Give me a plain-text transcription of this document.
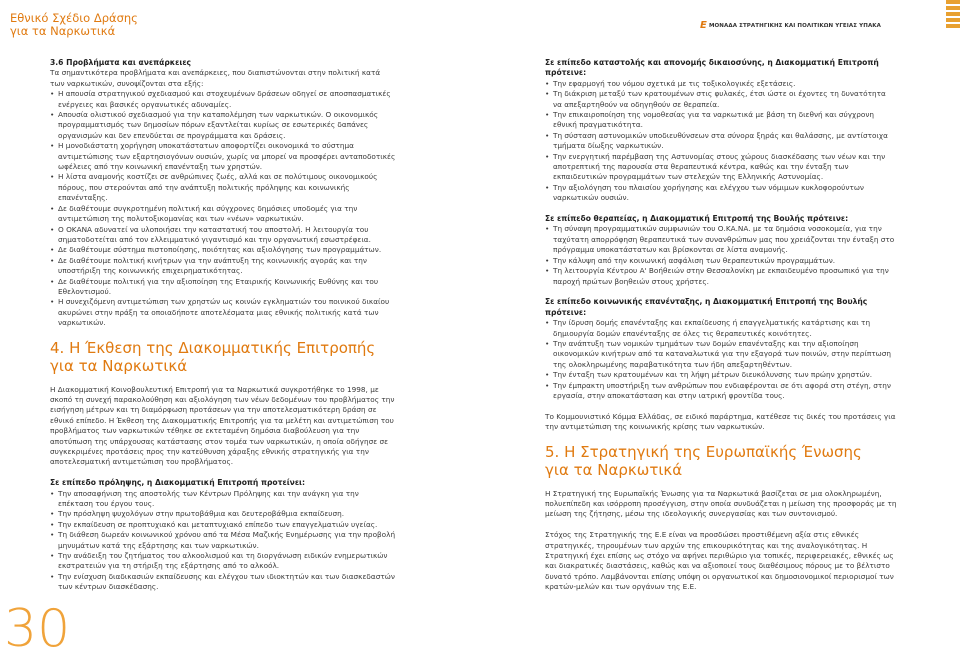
Εθνικό Σχέδιο Δράσης
για τα Ναρκωτικά	Ε ΜΟΝΑΔΑ ΣΤΡΑΤΗΓΙΚΗΣ ΚΑΙ ΠΟΛΙΤΙΚΩΝ ΥΓΕΙΑΣ ΥΠΑΚΑ
3.6 Προβλήματα και ανεπάρκειες

Τα σημαντικότερα προβλήματα και ανεπάρκειες, που διαπιστώνονται στην πολιτική κατά των ναρκωτικών, συνοψίζονται στα εξής:

• Η απουσία στρατηγικού σχεδιασμού και στοχευμένων δράσεων οδηγεί σε αποσπασματικές ενέργειες και βασικές οργανωτικές αδυναμίες.
• Απουσία ολιστικού σχεδιασμού για την καταπολέμηση των ναρκωτικών. Ο οικονομικός προγραμματισμός των δημοσίων πόρων εξαντλείται κυρίως σε εσωτερικές δαπάνες οργανισμών και δεν επενδύεται σε προγράμματα και δράσεις.
• Η μονοδιάστατη χορήγηση υποκατάστατων αποφορτίζει οικονομικά το σύστημα αντιμετώπισης των εξαρτησιογόνων ουσιών, χωρίς να μπορεί να προσφέρει ανταποδοτικές ωφέλειες από την κοινωνική επανένταξη των χρηστών.
• Η λίστα αναμονής κοστίζει σε ανθρώπινες ζωές, αλλά και σε πολύτιμους οικονομικούς πόρους, που στερούνται από την ανάπτυξη πολιτικής πρόληψης και κοινωνικής επανένταξης.
• Δε διαθέτουμε συγκροτημένη πολιτική και σύγχρονες δημόσιες υποδομές για την αντιμετώπιση της πολυτοξικομανίας και των «νέων» ναρκωτικών.
• Ο ΟΚΑΝΑ αδυνατεί να υλοποιήσει την καταστατική του αποστολή. Η λειτουργία του σηματοδοτείται από τον ελλειμματικό γιγαντισμό και την οργανωτική εσωστρέφεια.
• Δε διαθέτουμε σύστημα πιστοποίησης, ποιότητας και αξιολόγησης των προγραμμάτων.
• Δε διαθέτουμε πολιτική κινήτρων για την ανάπτυξη της κοινωνικής αγοράς και την υποστήριξη της κοινωνικής επιχειρηματικότητας.
• Δε διαθέτουμε πολιτική για την αξιοποίηση της Εταιρικής Κοινωνικής Ευθύνης και του Εθελοντισμού.
• Η συνεχιζόμενη αντιμετώπιση των χρηστών ως κοινών εγκληματιών του ποινικού δικαίου ακυρώνει στην πράξη τα οποιαδήποτε αποτελέσματα μιας εθνικής πολιτικής κατά των ναρκωτικών.
4. Η Έκθεση της Διακομματικής Επιτροπής
για τα Ναρκωτικά

Η Διακομματική Κοινοβουλευτική Επιτροπή για τα Ναρκωτικά συγκροτήθηκε το 1998, με σκοπό τη συνεχή παρακολούθηση και αξιολόγηση των νέων δεδομένων του προβλήματος την εισήγηση μέτρων και τη διαμόρφωση προτάσεων για την αποτελεσματικότερη δράση σε εθνικό επίπεδο. Η Έκθεση της Διακομματικής Επιτροπής για τα μελέτη και αντιμετώπιση του προβλήματος των ναρκωτικών τέθηκε σε εκτεταμένη δημόσια διαβούλευση για την αποτύπωση της υπάρχουσας κατάστασης στον τομέα των ναρκωτικών, η οποία οδήγησε σε συγκεκριμένες προτάσεις προς την κατεύθυνση χάραξης εθνικής στρατηγικής για την αποτελεσματική αντιμετώπιση του προβλήματος.

Σε επίπεδο πρόληψης, η Διακομματική Επιτροπή προτείνει:
• Την αποσαφήνιση της αποστολής των Κέντρων Πρόληψης και την ανάγκη για την επέκταση του έργου τους.
• Την πρόσληψη ψυχολόγων στην πρωτοβάθμια και δευτεροβάθμια εκπαίδευση.
• Την εκπαίδευση σε προπτυχιακό και μεταπτυχιακό επίπεδο των επαγγελματιών υγείας.
• Τη διάθεση δωρεάν κοινωνικού χρόνου από τα Μέσα Μαζικής Ενημέρωσης για την προβολή μηνυμάτων κατά της εξάρτησης και των ναρκωτικών.
• Την ανάδειξη του ζητήματος του αλκοολισμού και τη διοργάνωση ειδικών ενημερωτικών εκστρατειών για τη στήριξη της εξάρτησης από το αλκοόλ.
• Την ενίσχυση διαδικασιών εκπαίδευσης και ελέγχου των ιδιοκτητών και των διασκεδαστών των κέντρων διασκέδασης.
Σε επίπεδο καταστολής και απονομής δικαιοσύνης, η Διακομματική Επιτροπή πρότεινε:
• Την εφαρμογή του νόμου σχετικά με τις τοξικολογικές εξετάσεις.
• Τη διάκριση μεταξύ των κρατουμένων στις φυλακές, έτσι ώστε οι έχοντες τη δυνατότητα να απεξαρτηθούν να οδηγηθούν σε θεραπεία.
• Την επικαιροποίηση της νομοθεσίας για τα ναρκωτικά με βάση τη διεθνή και σύγχρονη εθνική πραγματικότητα.
• Τη σύσταση αστυνομικών υποδιευθύνσεων στα σύνορα ξηράς και θαλάσσης, με αντίστοιχα τμήματα δίωξης ναρκωτικών.
• Την ενεργητική παρέμβαση της Αστυνομίας στους χώρους διασκέδασης των νέων και την αποτρεπτική της παρουσία στα θεραπευτικά κέντρα, καθώς και την ένταξη των εκπαιδευτικών προγραμμάτων των στελεχών της Ελληνικής Αστυνομίας.
• Την αξιολόγηση του πλαισίου χορήγησης και ελέγχου των νόμιμων κυκλοφορούντων ναρκωτικών ουσιών.
Σε επίπεδο θεραπείας, η Διακομματική Επιτροπή της Βουλής πρότεινε:
• Τη σύναψη προγραμματικών συμφωνιών του Ο.ΚΑ.ΝΑ. με τα δημόσια νοσοκομεία, για την ταχύτατη απορρόφηση θεραπευτικά των συνανθρώπων μας που χρειάζονται την ένταξη στο πρόγραμμα υποκατάστατων και βρίσκονται σε λίστα αναμονής.
• Την κάλυψη από την κοινωνική ασφάλιση των θεραπευτικών προγραμμάτων.
• Τη λειτουργία Κέντρου Α' Βοήθειών στην Θεσσαλονίκη με εκπαιδευμένο προσωπικό για την παροχή πρώτων βοηθειών στους χρήστες.
Σε επίπεδο κοινωνικής επανένταξης, η Διακομματική Επιτροπή της Βουλής πρότεινε:
• Την ίδρυση δομής επανένταξης και εκπαίδευσης ή επαγγελματικής κατάρτισης και τη δημιουργία δομών επανένταξης σε όλες τις θεραπευτικές κοινότητες.
• Την ανάπτυξη των νομικών τμημάτων των δομών επανένταξης και την αξιοποίηση οικονομικών κινήτρων από τα καταναλωτικά για την εξαγορά των ποινών, στην περίπτωση της ολοκληρωμένης παραβατικότητα των ήδη απεξαρτηθέντων.
• Την ένταξη των κρατουμένων και τη λήψη μέτρων διευκόλυνσης των πρώην χρηστών.
• Την έμπρακτη υποστήριξη των ανθρώπων που ενδιαφέρονται σε ότι αφορά στη στέγη, στην εργασία, στην αποκατάσταση και στην ιατρική φροντίδα τους.

Το Κομμουνιστικό Κόμμα Ελλάδας, σε ειδικό παράρτημα, κατέθεσε τις δικές του προτάσεις για την αντιμετώπιση της κοινωνικής κρίσης των ναρκωτικών.

5. Η Στρατηγική της Ευρωπαϊκής Ένωσης
για τα Ναρκωτικά

Η Στρατηγική της Ευρωπαϊκής Ένωσης για τα Ναρκωτικά βασίζεται σε μια ολοκληρωμένη, πολυεπίπεδη και ισόρροπη προσέγγιση, στην οποία συνδυάζεται η μείωση της προσφοράς με τη μείωση της ζήτησης, μέσω της ιδεολογικής συνεργασίας και των συντονισμού.

Στόχος της Στρατηγικής της Ε.Ε είναι να προσδώσει προστιθέμενη αξία στις εθνικές στρατηγικές, τηρουμένων των αρχών της επικουρικότητας και της αναλογικότητας. Η Στρατηγική έχει επίσης ως στόχο να αφήνει περιθώριο για τοπικές, περιφερειακές, εθνικές ως και διακρατικές διαστάσεις, καθώς και να αξιοποιεί τους διαθέσιμους πόρους με το βέλτιστο δυνατό τρόπο. Λαμβάνονται επίσης υπόψη οι οργανωτικοί και δημοσιονομικοί περιορισμοί των κρατών-μελών και των οργάνων της Ε.Ε.

30
